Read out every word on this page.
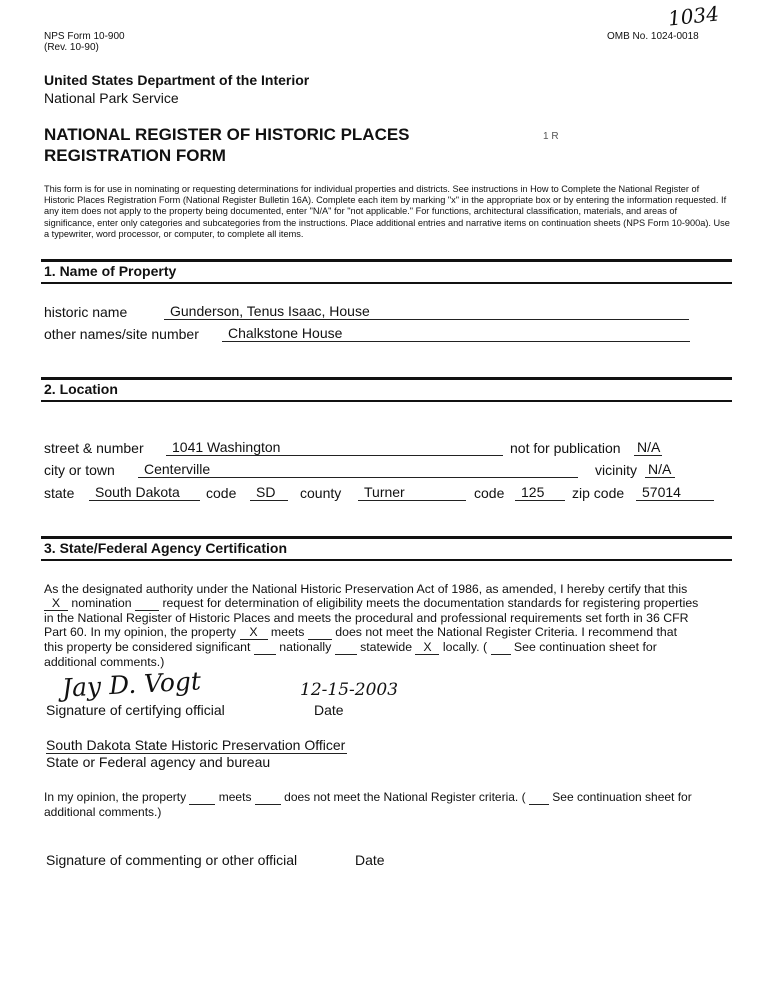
NPS Form 10-900
(Rev. 10-90)
OMB No. 1024-0018
1034
United States Department of the Interior
National Park Service
NATIONAL REGISTER OF HISTORIC PLACES
REGISTRATION FORM
1 R
This form is for use in nominating or requesting determinations for individual properties and districts. See instructions in How to Complete the National Register of Historic Places Registration Form (National Register Bulletin 16A). Complete each item by marking "x" in the appropriate box or by entering the information requested. If any item does not apply to the property being documented, enter "N/A" for "not applicable." For functions, architectural classification, materials, and areas of significance, enter only categories and subcategories from the instructions. Place additional entries and narrative items on continuation sheets (NPS Form 10-900a). Use a typewriter, word processor, or computer, to complete all items.
1. Name of Property
historic name	Gunderson, Tenus Isaac, House
other names/site number	Chalkstone House
2. Location
street & number	1041 Washington	not for publication N/A
city or town	Centerville	vicinity N/A
state	South Dakota	code	SD	county	Turner	code	125	zip code	57014
3. State/Federal Agency Certification
As the designated authority under the National Historic Preservation Act of 1986, as amended, I hereby certify that this
X nomination	request for determination of eligibility meets the documentation standards for registering properties
in the National Register of Historic Places and meets the procedural and professional requirements set forth in 36 CFR
Part 60. In my opinion, the property X meets	does not meet the National Register Criteria. I recommend that
this property be considered significant nationally statewide X locally. ( See continuation sheet for
additional comments.)
Jay D. Vogt	12-15-2003
Signature of certifying official	Date
South Dakota State Historic Preservation Officer
State or Federal agency and bureau
In my opinion, the property	meets	does not meet the National Register criteria. ( See continuation sheet for
additional comments.)
Signature of commenting or other official	Date
